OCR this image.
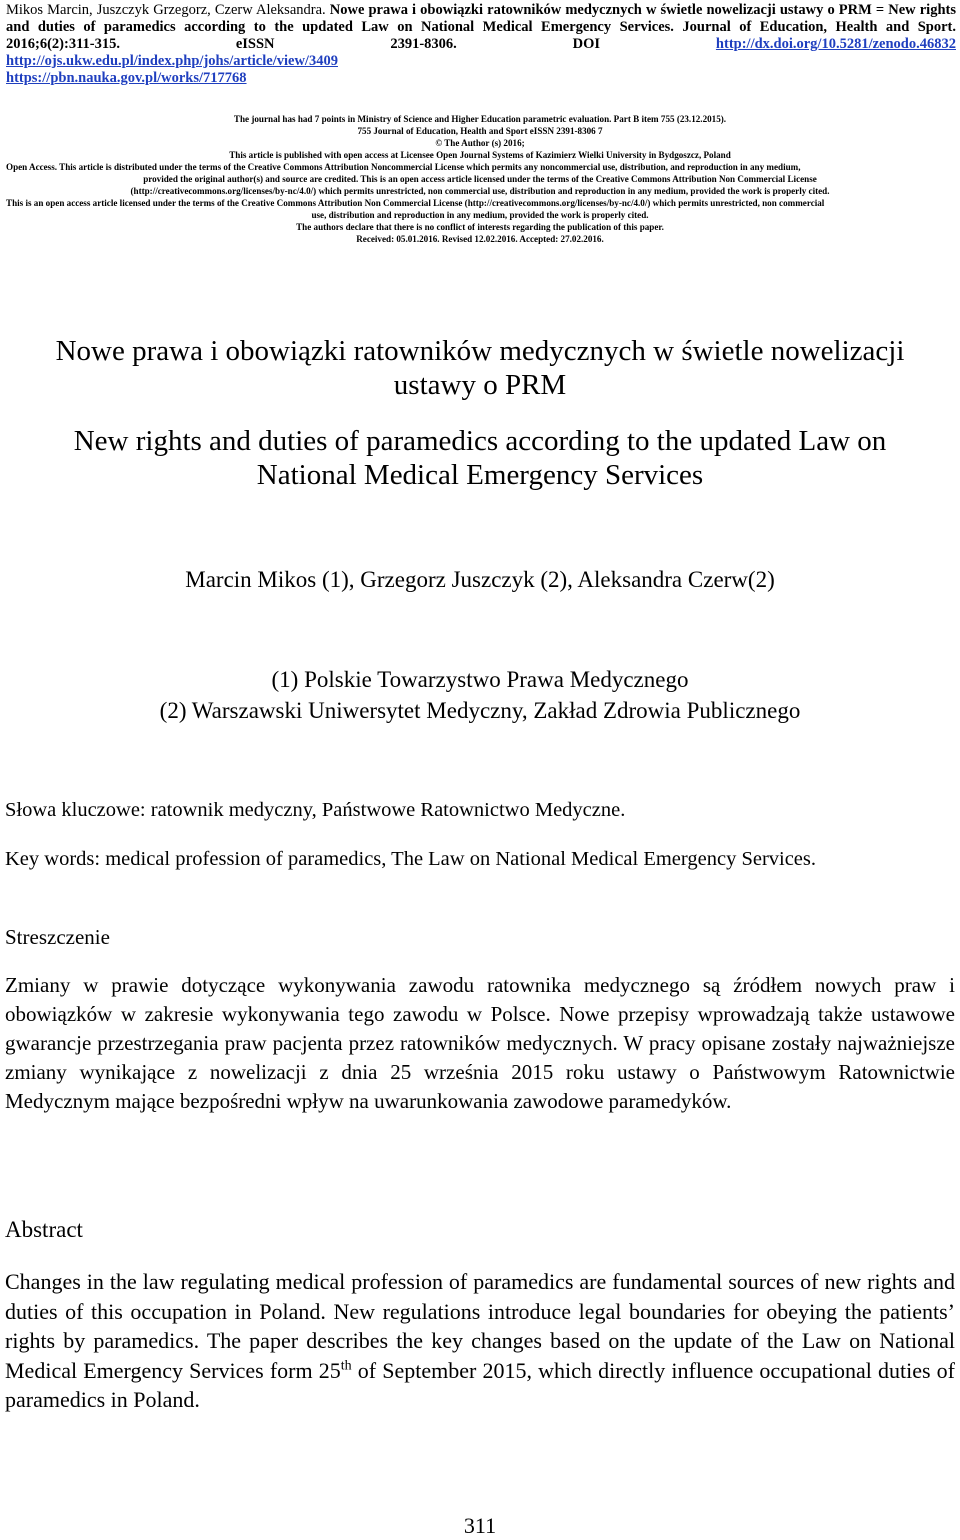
Mikos Marcin, Juszczyk Grzegorz, Czerw Aleksandra. Nowe prawa i obowiązki ratowników medycznych w świetle nowelizacji ustawy o PRM = New rights and duties of paramedics according to the updated Law on National Medical Emergency Services. Journal of Education, Health and Sport. 2016;6(2):311-315. eISSN 2391-8306. DOI	http://dx.doi.org/10.5281/zenodo.46832
http://ojs.ukw.edu.pl/index.php/johs/article/view/3409
https://pbn.nauka.gov.pl/works/717768
The journal has had 7 points in Ministry of Science and Higher Education parametric evaluation. Part B item 755 (23.12.2015).
755 Journal of Education, Health and Sport eISSN 2391-8306 7
© The Author (s) 2016;
This article is published with open access at Licensee Open Journal Systems of Kazimierz Wielki University in Bydgoszcz, Poland
Open Access. This article is distributed under the terms of the Creative Commons Attribution Noncommercial License which permits any noncommercial use, distribution, and reproduction in any medium,
provided the original author(s) and source are credited. This is an open access article licensed under the terms of the Creative Commons Attribution Non Commercial License
(http://creativecommons.org/licenses/by-nc/4.0/) which permits unrestricted, non commercial use, distribution and reproduction in any medium, provided the work is properly cited.
This is an open access article licensed under the terms of the Creative Commons Attribution Non Commercial License (http://creativecommons.org/licenses/by-nc/4.0/) which permits unrestricted, non commercial
use, distribution and reproduction in any medium, provided the work is properly cited.
The authors declare that there is no conflict of interests regarding the publication of this paper.
Received: 05.01.2016. Revised 12.02.2016. Accepted: 27.02.2016.
Nowe prawa i obowiązki ratowników medycznych w świetle nowelizacji
ustawy o PRM
New rights and duties of paramedics according to the updated Law on
National Medical Emergency Services
Marcin Mikos (1), Grzegorz Juszczyk (2), Aleksandra Czerw(2)
(1) Polskie Towarzystwo Prawa Medycznego
(2) Warszawski Uniwersytet Medyczny, Zakład Zdrowia Publicznego
Słowa kluczowe: ratownik medyczny, Państwowe Ratownictwo Medyczne.
Key words: medical profession of paramedics, The Law on National Medical Emergency Services.
Streszczenie
Zmiany w prawie dotyczące wykonywania zawodu ratownika medycznego są źródłem nowych praw i obowiązków w zakresie wykonywania tego zawodu w Polsce. Nowe przepisy wprowadzają także ustawowe gwarancje przestrzegania praw pacjenta przez ratowników medycznych. W pracy opisane zostały najważniejsze zmiany wynikające z nowelizacji z dnia 25 września 2015 roku ustawy o Państwowym Ratownictwie Medycznym mające bezpośredni wpływ na uwarunkowania zawodowe paramedyków.
Abstract
Changes in the law regulating medical profession of paramedics are fundamental sources of new rights and duties of this occupation in Poland. New regulations introduce legal boundaries for obeying the patients’ rights by paramedics. The paper describes the key changes based on the update of the Law on National Medical Emergency Services form 25th of September 2015, which directly influence occupational duties of paramedics in Poland.
311
